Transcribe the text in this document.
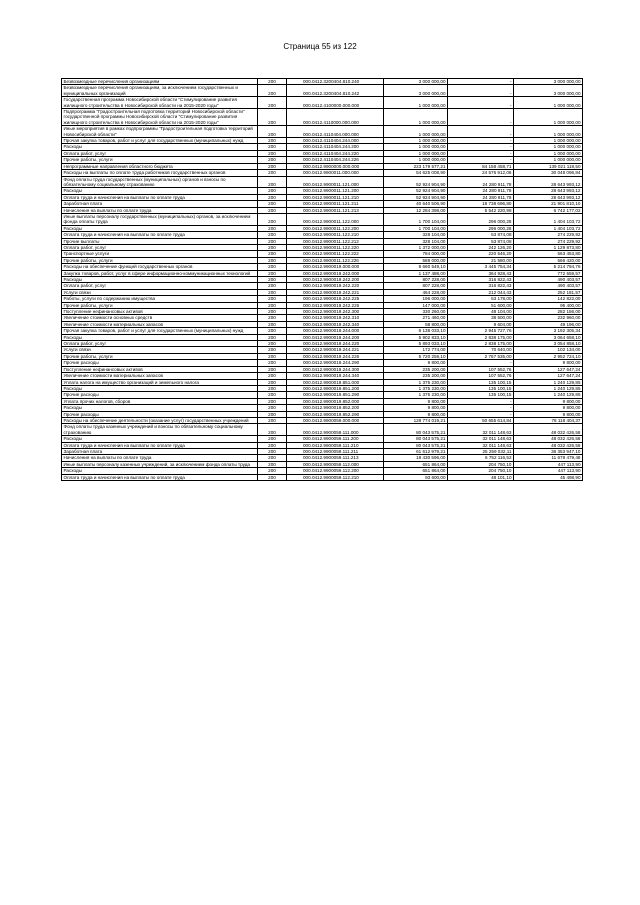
Страница 55 из 122
Безвозмездные перечисления организациям	200	000.0412.3200404.810.240	3 000 000,00	-	3 000 000,00
Безвозмездные перечисления организациям, за исключением государственных и муниципальных организаций	200	000.0412.3200404.810.242	3 000 000,00	-	3 000 000,00
Государственная программа Новосибирской области "Стимулирование развития жилищного строительства в Новосибирской области на 2015-2020 годы"	200	000.0412.4100000.000.000	1 000 000,00	-	1 000 000,00
Подпрограмма "Градостроительная подготовка территорий Новосибирской области" государственной программы Новосибирской области "Стимулирование развития жилищного строительства в Новосибирской области на 2015-2020 годы"	200	000.0412.4110000.000.000	1 000 000,00	-	1 000 000,00
Иные мероприятия в рамках подпрограммы "Градостроительная подготовка территорий Новосибирской области"	200	000.0412.4110404.000.000	1 000 000,00	-	1 000 000,00
Прочая закупка товаров, работ и услуг для государственных (муниципальных) нужд	200	000.0412.4110404.244.000	1 000 000,00	-	1 000 000,00
Расходы	200	000.0412.4110404.244.200	1 000 000,00	-	1 000 000,00
Оплата работ, услуг	200	000.0412.4110404.244.220	1 000 000,00	-	1 000 000,00
Прочие работы, услуги	200	000.0412.4110404.244.226	1 000 000,00	-	1 000 000,00
Непрограммные направления областного бюджета	200	000.0412.9900000.000.000	223 179 577,21	84 158 458,71	139 021 118,50
Расходы на выплаты по оплате труда работников государственных органов	200	000.0412.9900011.000.000	54 625 008,90	24 576 912,06	30 048 096,84
Фонд оплаты труда государственных (муниципальных) органов и взносы по обязательному социальному страхованию	200	000.0412.9900011.121.000	52 924 904,90	24 280 911,78	28 643 993,12
Расходы	200	000.0412.9900011.121.200	52 924 904,90	24 280 911,78	28 643 993,12
Оплата труда и начисления на выплаты по оплате труда	200	000.0412.9900011.121.210	52 924 904,90	24 280 911,78	28 643 993,12
Заработная плата	200	000.0412.9900011.121.211	40 640 506,90	18 738 696,80	21 901 810,10
Начисления на выплаты по оплате труда	200	000.0412.9900011.121.213	12 284 398,00	5 542 220,98	6 742 177,02
Иные выплаты персоналу государственных (муниципальных) органов, за исключением фонда оплаты труда	200	000.0412.9900011.122.000	1 700 104,00	296 000,28	1 404 103,72
Расходы	200	000.0412.9900011.122.200	1 700 104,00	296 000,28	1 404 103,72
Оплата труда и начисления на выплаты по оплате труда	200	000.0412.9900011.122.210	328 104,00	53 874,08	274 229,92
Прочие выплаты	200	000.0412.9900011.122.212	328 104,00	53 874,08	274 229,92
Оплата работ, услуг	200	000.0412.9900011.122.220	1 372 000,00	242 126,20	1 129 873,80
Транспортные услуги	200	000.0412.9900011.122.222	784 000,00	220 546,20	563 453,80
Прочие работы, услуги	200	000.0412.9900011.122.226	588 000,00	21 580,00	566 420,00
Расходы на обеспечение функций государственных органов	200	000.0412.9900019.000.000	8 660 549,10	3 445 754,34	5 214 794,76
Закупка товаров, работ, услуг в сфере информационно-коммуникационных технологий	200	000.0412.9900019.242.000	1 137 488,00	364 928,43	772 559,57
Расходы	200	000.0412.9900019.242.200	807 228,00	316 822,43	490 403,57
Оплата работ, услуг	200	000.0412.9900019.242.220	807 228,00	316 822,43	490 403,57
Услуги связи	200	000.0412.9900019.242.221	464 228,00	212 044,43	252 181,57
Работы, услуги по содержанию имущества	200	000.0412.9900019.242.225	196 000,00	53 178,00	142 822,00
Прочие работы, услуги	200	000.0412.9900019.242.226	147 000,00	51 600,00	95 400,00
Поступление нефинансовых активов	200	000.0412.9900019.242.300	330 260,00	48 104,00	282 156,00
Увеличение стоимости основных средств	200	000.0412.9900019.242.310	271 460,00	38 500,00	232 960,00
Увеличение стоимости материальных запасов	200	000.0412.9900019.242.340	58 800,00	9 604,00	49 196,00
Прочая закупка товаров, работ и услуг для государственных (муниципальных) нужд	200	000.0412.9900019.244.000	6 138 033,10	2 945 727,76	3 192 305,34
Расходы	200	000.0412.9900019.244.200	5 902 833,10	2 838 175,00	3 064 658,10
Оплата работ, услуг	200	000.0412.9900019.244.220	5 893 033,10	2 838 175,00	3 054 858,10
Услуги связи	200	000.0412.9900019.244.221	172 774,00	70 640,00	102 134,00
Прочие работы, услуги	200	000.0412.9900019.244.226	5 720 259,10	2 767 535,00	2 952 724,10
Прочие расходы	200	000.0412.9900019.244.290	9 800,00	-	9 800,00
Поступление нефинансовых активов	200	000.0412.9900019.244.300	235 200,00	107 552,76	127 647,24
Увеличение стоимости материальных запасов	200	000.0412.9900019.244.340	235 200,00	107 552,76	127 647,24
Уплата налога на имущество организаций и земельного налога	200	000.0412.9900019.851.000	1 375 230,00	135 100,15	1 240 129,85
Расходы	200	000.0412.9900019.851.200	1 375 230,00	135 100,15	1 240 129,85
Прочие расходы	200	000.0412.9900019.851.290	1 375 230,00	135 100,15	1 240 129,85
Уплата прочих налогов, сборов	200	000.0412.9900019.852.000	9 800,00	-	9 800,00
Расходы	200	000.0412.9900019.852.200	9 800,00	-	9 800,00
Прочие расходы	200	000.0412.9900019.852.290	9 800,00	-	9 800,00
Расходы на обеспечение деятельности (оказание услуг) государственных учреждений	200	000.0412.9900059.000.000	128 774 019,21	50 655 614,84	78 118 404,37
Фонд оплаты труда казенных учреждений и взносы по обязательному социальному страхованию	200	000.0412.9900059.111.000	80 043 575,21	32 011 148,63	48 032 426,58
Расходы	200	000.0412.9900059.111.200	80 043 575,21	32 011 148,63	48 032 426,58
Оплата труда и начисления на выплаты по оплате труда	200	000.0412.9900059.111.210	80 043 575,21	32 011 148,63	48 032 426,58
Заработная плата	200	000.0412.9900059.111.211	61 612 979,21	25 259 032,11	36 353 947,10
Начисления на выплаты по оплате труда	200	000.0412.9900059.111.213	18 430 596,00	6 752 116,52	11 678 479,48
Иные выплаты персоналу казенных учреждений, за исключением фонда оплаты труда	200	000.0412.9900059.112.000	651 864,00	204 750,10	447 113,90
Расходы	200	000.0412.9900059.112.200	651 864,00	204 750,10	447 113,90
Оплата труда и начисления на выплаты по оплате труда	200	000.0412.9900059.112.210	93 600,00	48 101,10	45 498,90
